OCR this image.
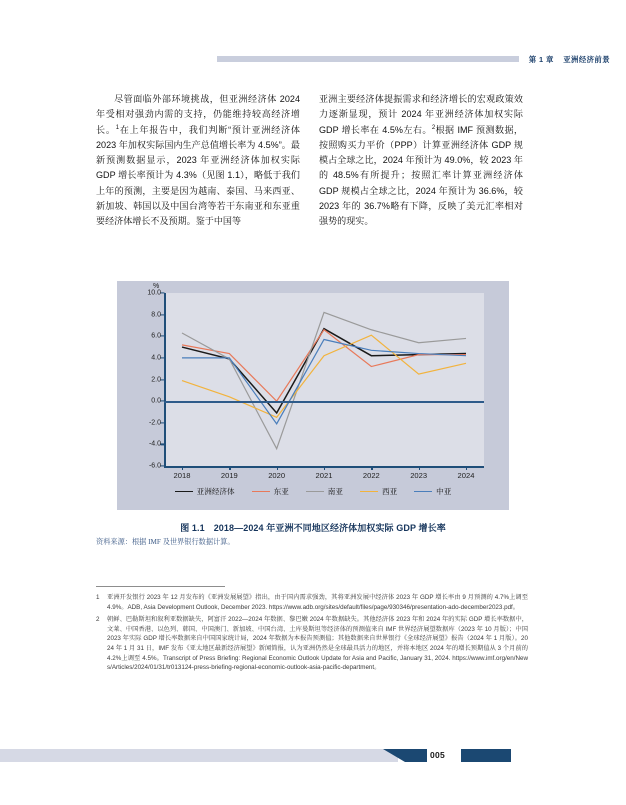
第 1 章 亚洲经济前景

尽管面临外部环境挑战，但亚洲经济体 2024 年受相对强劲内需的支持，仍能维持较高经济增长。$^1$在上年报告中，我们判断“预计亚洲经济体 2023 年加权实际国内生产总值增长率为 4.5%”。最新预测数据显示，2023 年亚洲经济体加权实际 GDP 增长率预计为 4.3%（见图 1.1），略低于我们上年的预测，主要是因为越南、泰国、马来西亚、新加坡、韩国以及中国台湾等若干东南亚和东亚重要经济体增长不及预期。鉴于中国等

亚洲主要经济体提振需求和经济增长的宏观政策效力逐渐显现，预计 2024 年亚洲经济体加权实际 GDP 增长率在 4.5%左右。$^2$根据 IMF 预测数据，按照购买力平价（PPP）计算亚洲经济体 GDP 规模占全球之比，2024 年预计为 49.0%，较 2023 年的 48.5%有所提升；按照汇率计算亚洲经济体 GDP 规模占全球之比，2024 年预计为 36.6%，较 2023 年的 36.7%略有下降，反映了美元汇率相对强势的现实。

%
10.0
8.0
6.0
4.0
2.0
0.0
-2.0
-4.0
-6.0
2018	2019	2020	2021	2022	2023	2024
亚洲经济体	东亚	南亚	西亚	中亚
图 1.1 2018—2024 年亚洲不同地区经济体加权实际 GDP 增长率
资料来源：根据 IMF 及世界银行数据计算。
1	亚洲开发银行 2023 年 12 月发布的《亚洲发展展望》指出，由于国内需求强劲，其将亚洲发展中经济体 2023 年 GDP 增长率由 9 月预测的 4.7%上调至 4.9%。ADB, Asia Development Outlook, December 2023. https://www.adb.org/sites/default/files/page/930346/presentation-ado-december2023.pdf。
2	朝鲜、巴勒斯坦和叙利亚数据缺失，阿富汗 2022—2024 年数据、黎巴嫩 2024 年数据缺失。其他经济体 2023 年和 2024 年的实际 GDP 增长率数据中，文莱、中国香港、以色列、韩国、中国澳门、新加坡、中国台湾、土库曼斯坦等经济体的预测值来自 IMF 世界经济展望数据库（2023 年 10 月版）；中国 2023 年实际 GDP 增长率数据来自中国国家统计局，2024 年数据为本报告预测值；其他数据来自世界银行《全球经济展望》报告（2024 年 1 月版）。2024 年 1 月 31 日，IMF 发布《亚太地区最新经济展望》新闻简报，认为亚洲仍然是全球最具活力的地区，并将本地区 2024 年的增长预期值从 3 个月前的 4.2%上调至 4.5%。Transcript of Press Briefing: Regional Economic Outlook Update for Asia and Pacific, January 31, 2024. https://www.imf.org/en/News/Articles/2024/01/31/tr013124-press-briefing-regional-economic-outlook-asia-pacific-department。
005
